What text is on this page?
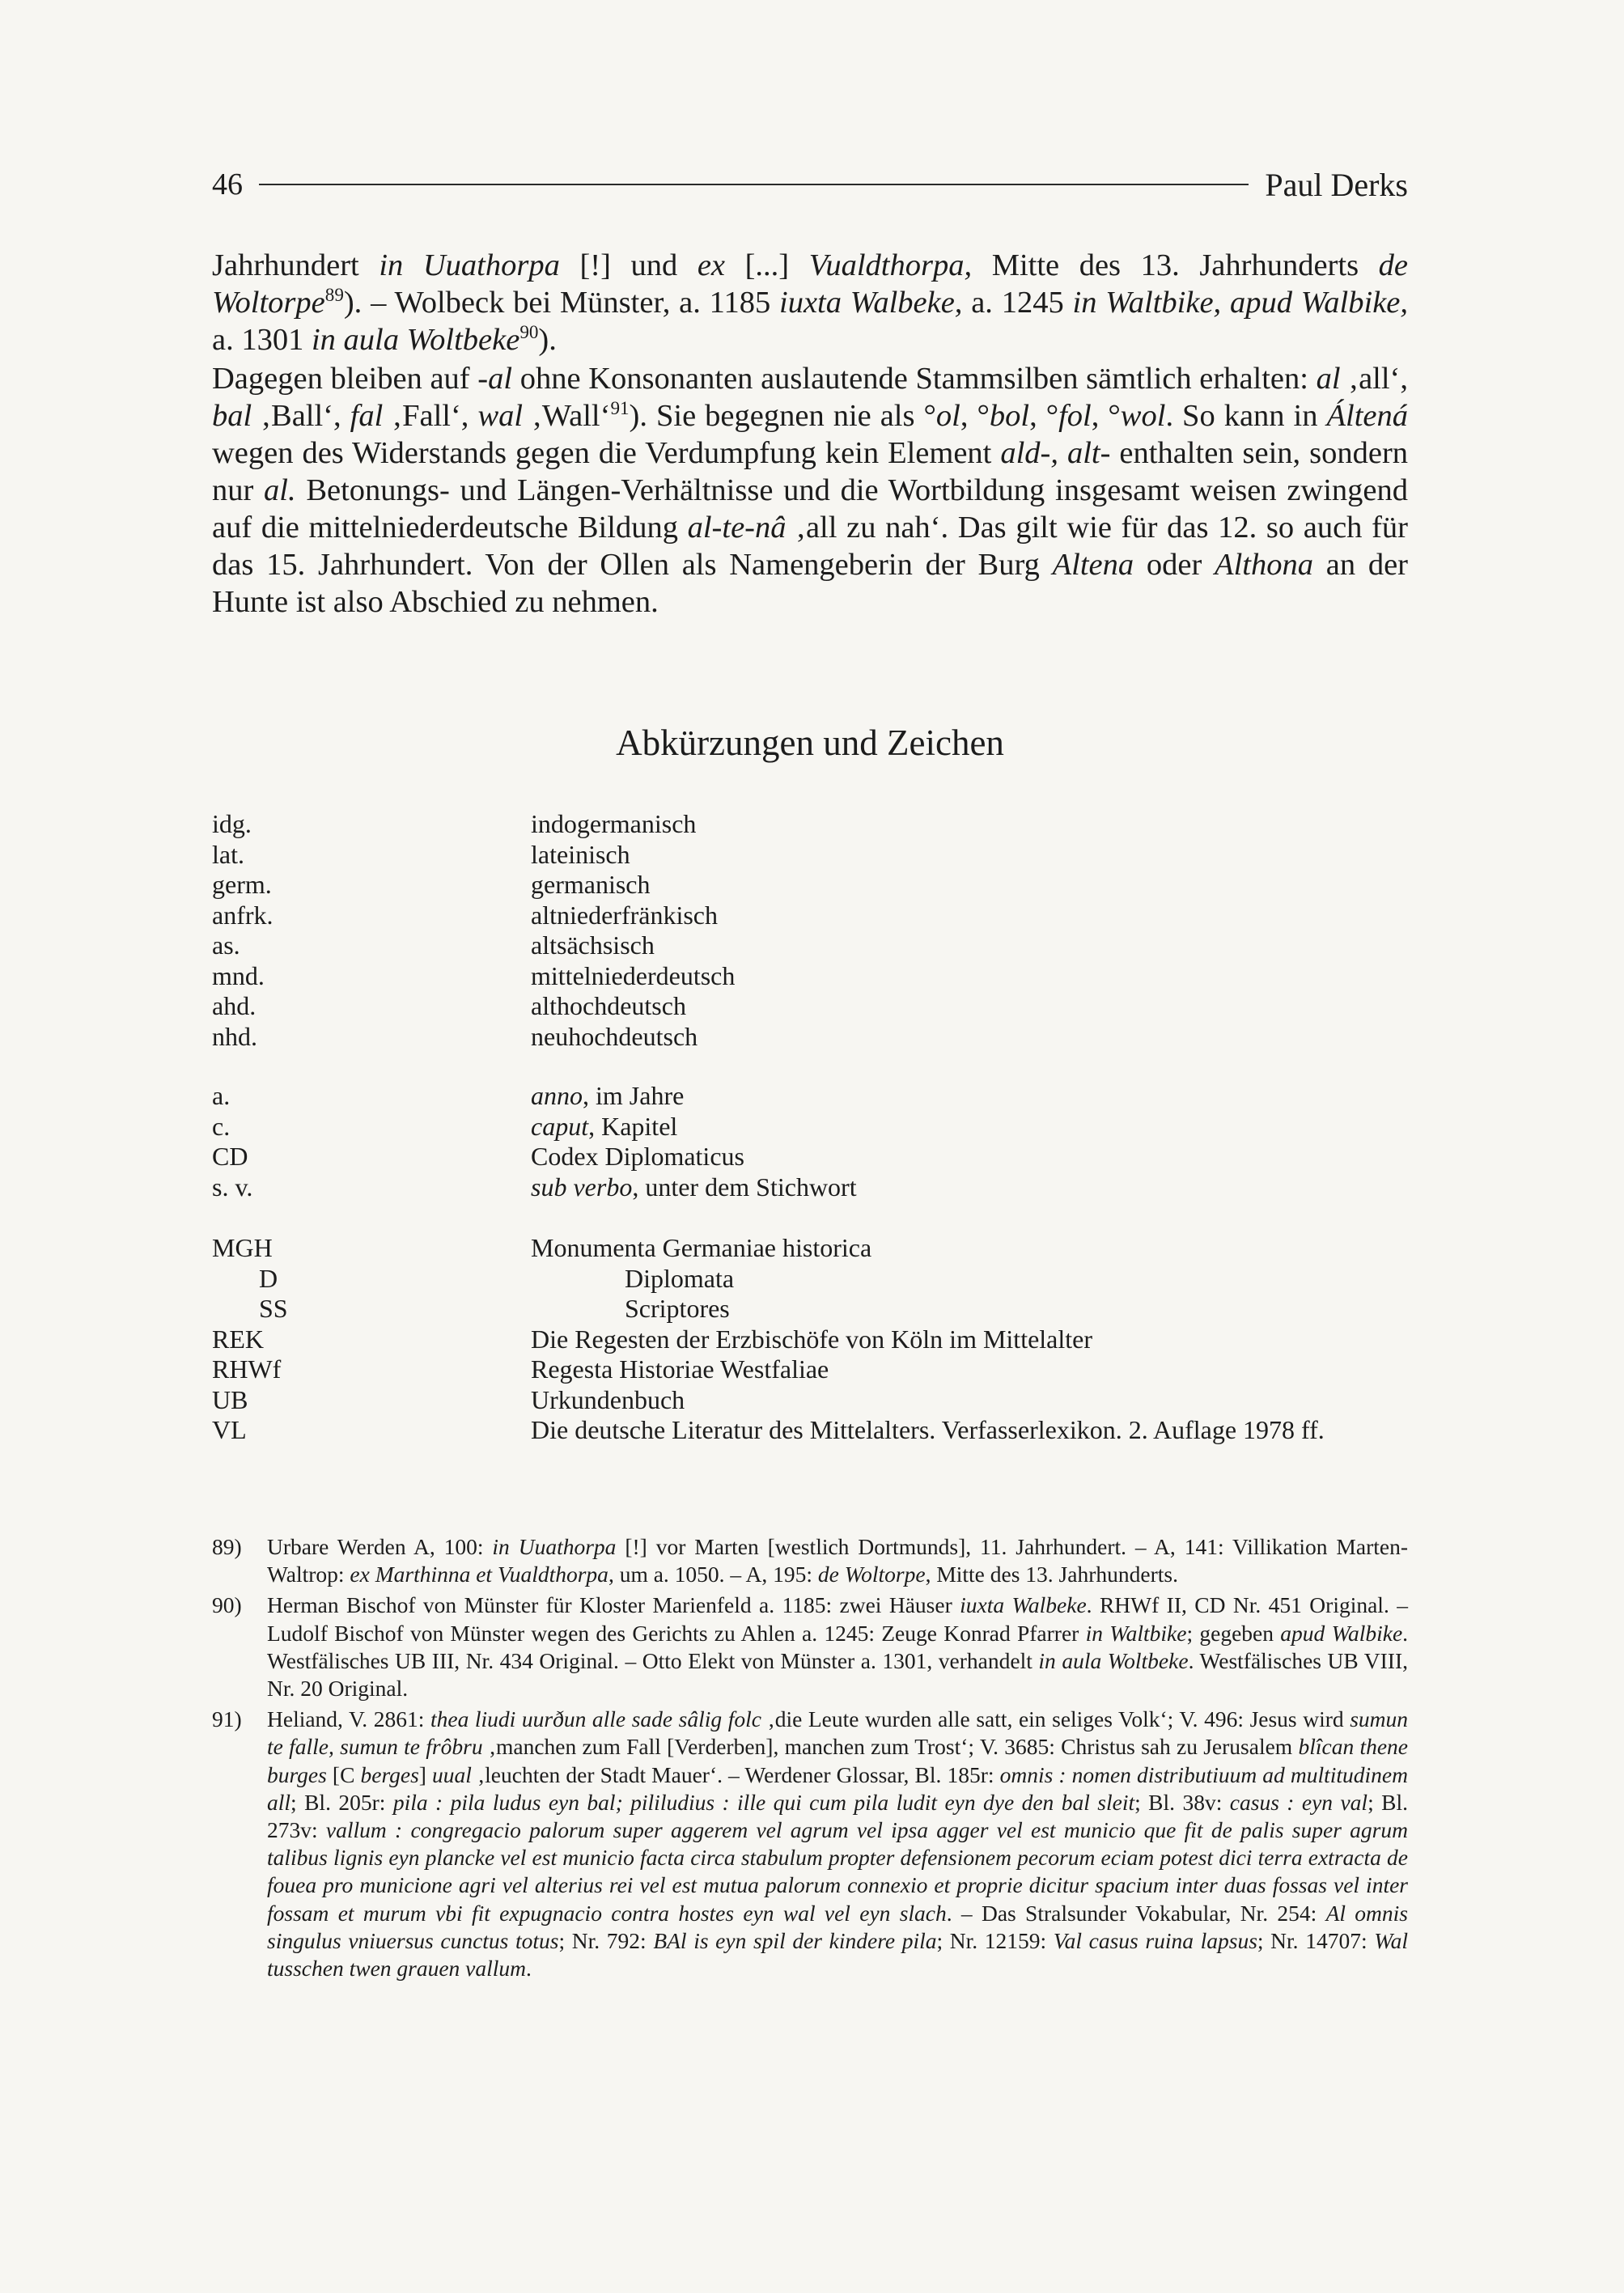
46	Paul Derks

Jahrhundert in Uuathorpa [!] und ex [...] Vualdthorpa, Mitte des 13. Jahrhunderts de Woltorpe$^{89}$). – Wolbeck bei Münster, a. 1185 iuxta Walbeke, a. 1245 in Waltbike, apud Walbike, a. 1301 in aula Woltbeke$^{90}$).

Dagegen bleiben auf -al ohne Konsonanten auslautende Stammsilben sämtlich erhalten: al ‚all‘, bal ‚Ball‘, fal ‚Fall‘, wal ‚Wall‘$^{91}$). Sie begegnen nie als °ol, °bol, °fol, °wol. So kann in Áltená wegen des Widerstands gegen die Verdumpfung kein Element ald-, alt- enthalten sein, sondern nur al. Betonungs- und Längen-Verhältnisse und die Wortbildung insgesamt weisen zwingend auf die mittelniederdeutsche Bildung al-te-nâ ‚all zu nah‘. Das gilt wie für das 12. so auch für das 15. Jahrhundert. Von der Ollen als Namengeberin der Burg Altena oder Althona an der Hunte ist also Abschied zu nehmen.

Abkürzungen und Zeichen
idg.	indogermanisch
lat.	lateinisch
germ.	germanisch
anfrk.	altniederfränkisch
as.	altsächsisch
mnd.	mittelniederdeutsch
ahd.	althochdeutsch
nhd.	neuhochdeutsch
a.	anno, im Jahre
c.	caput, Kapitel
CD	Codex Diplomaticus
s. v.	sub verbo, unter dem Stichwort
MGH	Monumenta Germaniae historica
D	Diplomata
SS	Scriptores
REK	Die Regesten der Erzbischöfe von Köln im Mittelalter
RHWf	Regesta Historiae Westfaliae
UB	Urkundenbuch
VL	Die deutsche Literatur des Mittelalters. Verfasserlexikon. 2. Auflage 1978 ff.
89)	Urbare Werden A, 100: in Uuathorpa [!] vor Marten [westlich Dortmunds], 11. Jahrhundert. – A, 141: Villikation Marten-Waltrop: ex Marthinna et Vualdthorpa, um a. 1050. – A, 195: de Woltorpe, Mitte des 13. Jahrhunderts.
90)	Herman Bischof von Münster für Kloster Marienfeld a. 1185: zwei Häuser iuxta Walbeke. RHWf II, CD Nr. 451 Original. – Ludolf Bischof von Münster wegen des Gerichts zu Ahlen a. 1245: Zeuge Konrad Pfarrer in Waltbike; gegeben apud Walbike. Westfälisches UB III, Nr. 434 Original. – Otto Elekt von Münster a. 1301, verhandelt in aula Woltbeke. Westfälisches UB VIII, Nr. 20 Original.
91)	Heliand, V. 2861: thea liudi uurðun alle sade sâlig folc ‚die Leute wurden alle satt, ein seliges Volk‘; V. 496: Jesus wird sumun te falle, sumun te frôbru ‚manchen zum Fall [Verderben], manchen zum Trost‘; V. 3685: Christus sah zu Jerusalem blîcan thene burges [C berges] uual ‚leuchten der Stadt Mauer‘. – Werdener Glossar, Bl. 185r: omnis : nomen distributiuum ad multitudinem all; Bl. 205r: pila : pila ludus eyn bal; pililudius : ille qui cum pila ludit eyn dye den bal sleit; Bl. 38v: casus : eyn val; Bl. 273v: vallum : congregacio palorum super aggerem vel agrum vel ipsa agger vel est municio que fit de palis super agrum talibus lignis eyn plancke vel est municio facta circa stabulum propter defensionem pecorum eciam potest dici terra extracta de fouea pro municione agri vel alterius rei vel est mutua palorum connexio et proprie dicitur spacium inter duas fossas vel inter fossam et murum vbi fit expugnacio contra hostes eyn wal vel eyn slach. – Das Stralsunder Vokabular, Nr. 254: Al omnis singulus vniuersus cunctus totus; Nr. 792: BAl is eyn spil der kindere pila; Nr. 12159: Val casus ruina lapsus; Nr. 14707: Wal tusschen twen grauen vallum.
